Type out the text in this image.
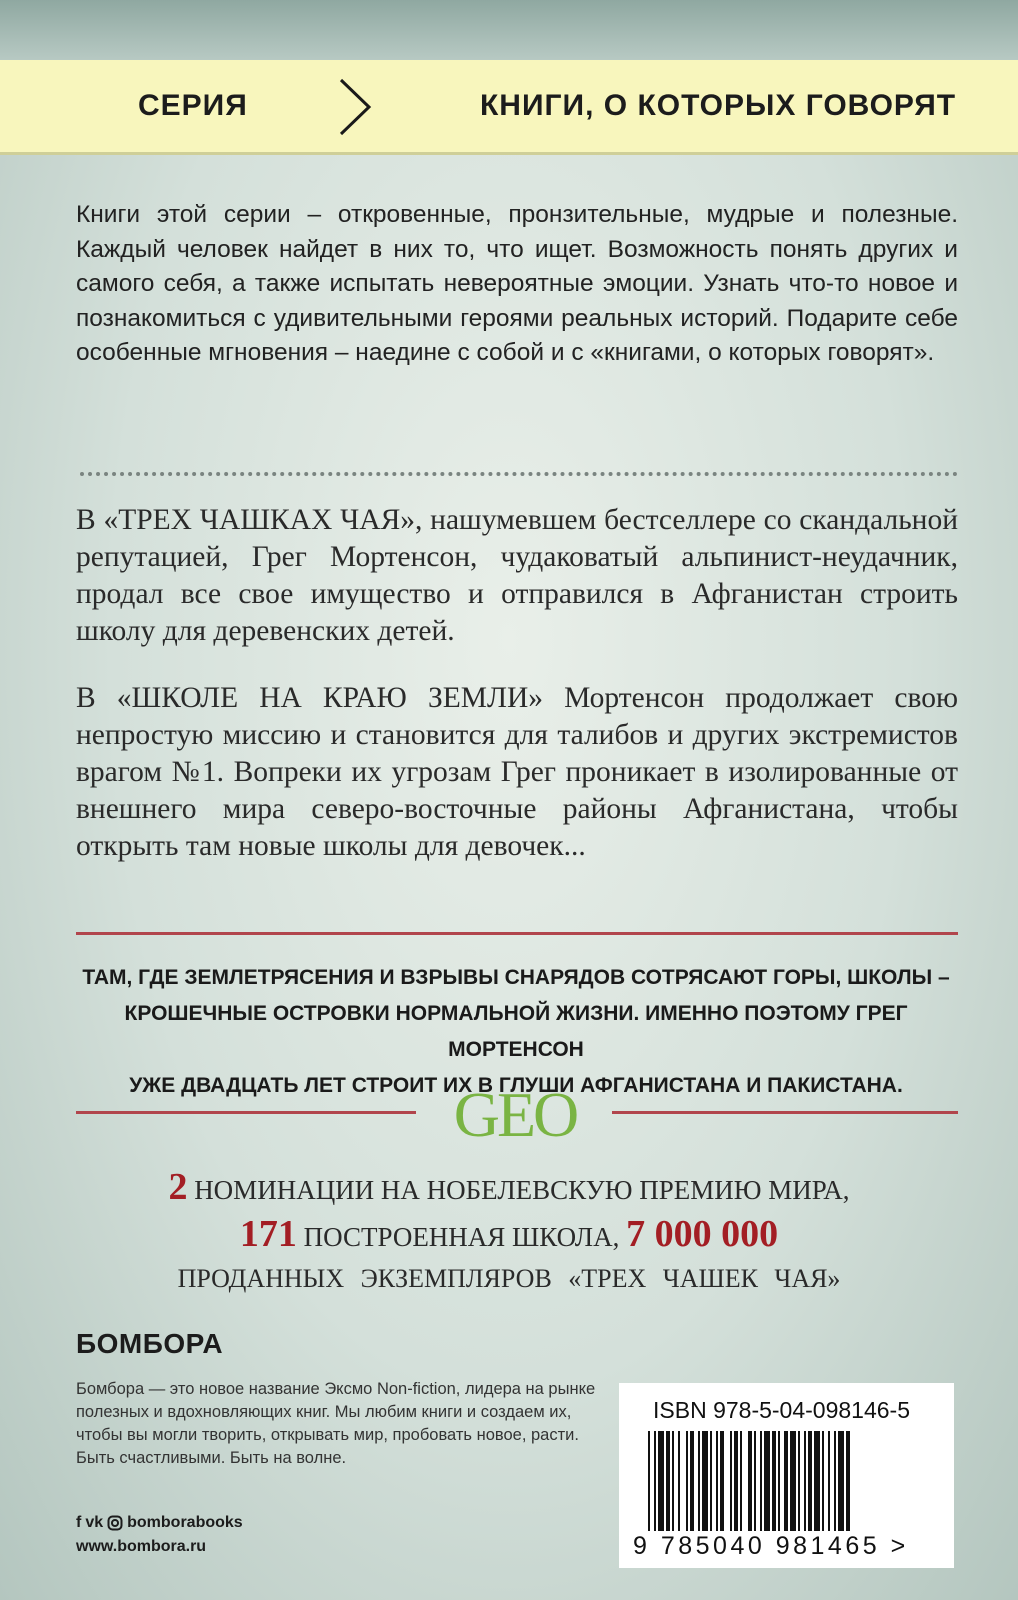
СЕРИЯ	КНИГИ, О КОТОРЫХ ГОВОРЯТ

Книги этой серии – откровенные, пронзительные, мудрые и полезные. Каждый человек найдет в них то, что ищет. Возможность понять других и самого себя, а также испытать невероятные эмоции. Узнать что-то новое и познакомиться с удивительными героями реальных историй. Подарите себе особенные мгновения – наедине с собой и с «книгами, о которых говорят».

В «ТРЕХ ЧАШКАХ ЧАЯ», нашумевшем бестселлере со скандальной репутацией, Грег Мортенсон, чудаковатый альпинист-неудачник, продал все свое имущество и отправился в Афганистан строить школу для деревенских детей.

В «ШКОЛЕ НА КРАЮ ЗЕМЛИ» Мортенсон продолжает свою непростую миссию и становится для талибов и других экстремистов врагом №1. Вопреки их угрозам Грег проникает в изолированные от внешнего мира северо-восточные районы Афганистана, чтобы открыть там новые школы для девочек...

ТАМ, ГДЕ ЗЕМЛЕТРЯСЕНИЯ И ВЗРЫВЫ СНАРЯДОВ СОТРЯСАЮТ ГОРЫ, ШКОЛЫ –
КРОШЕЧНЫЕ ОСТРОВКИ НОРМАЛЬНОЙ ЖИЗНИ. ИМЕННО ПОЭТОМУ ГРЕГ МОРТЕНСОН
УЖЕ ДВАДЦАТЬ ЛЕТ СТРОИТ ИХ В ГЛУШИ АФГАНИСТАНА И ПАКИСТАНА.
GEO
2 НОМИНАЦИИ НА НОБЕЛЕВСКУЮ ПРЕМИЮ МИРА,
171 ПОСТРОЕННАЯ ШКОЛА, 7 000 000
ПРОДАННЫХ ЭКЗЕМПЛЯРОВ «ТРЕХ ЧАШЕК ЧАЯ»
БОМБОРА

Бомбора — это новое название Эксмо Non-fiction, лидера на рынке полезных и вдохновляющих книг. Мы любим книги и создаем их, чтобы вы могли творить, открывать мир, пробовать новое, расти. Быть счастливыми. Быть на волне.

f vk bomborabooks
www.bombora.ru
ISBN 978-5-04-098146-5
9 785040 981465 >
